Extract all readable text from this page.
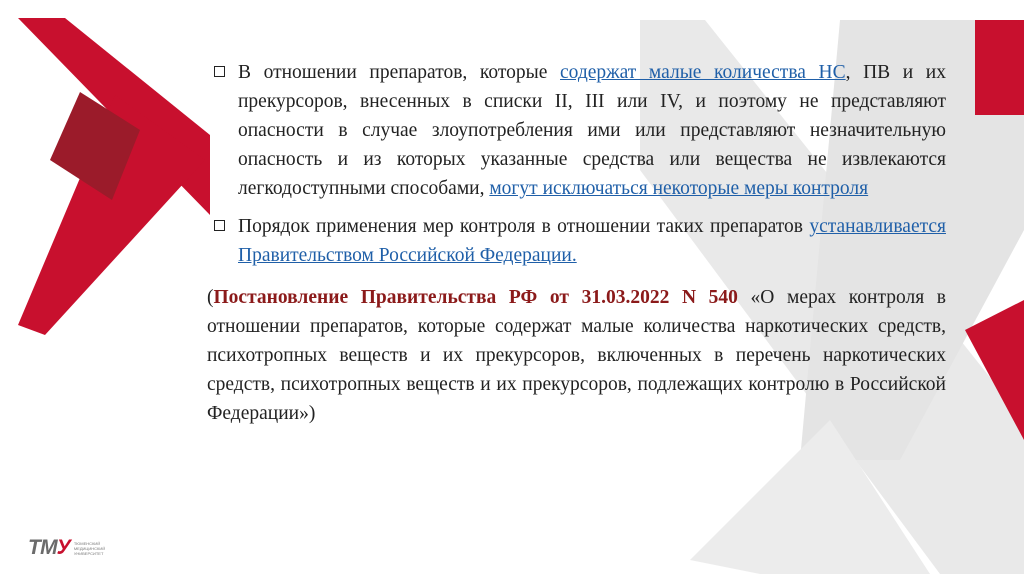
В отношении препаратов, которые содержат малые количества НС, ПВ и их прекурсоров, внесенных в списки II, III или IV, и поэтому не представляют опасности в случае злоупотребления ими или представляют незначительную опасность и из которых указанные средства или вещества не извлекаются легкодоступными способами, могут исключаться некоторые меры контроля

Порядок применения мер контроля в отношении таких препаратов устанавливается Правительством Российской Федерации.

(Постановление Правительства РФ от 31.03.2022 N 540 «О мерах контроля в отношении препаратов, которые содержат малые количества наркотических средств, психотропных веществ и их прекурсоров, включенных в перечень наркотических средств, психотропных веществ и их прекурсоров, подлежащих контролю в Российской Федерации»)

ТМУ ТЮМЕНСКИЙ
МЕДИЦИНСКИЙ
УНИВЕРСИТЕТ
